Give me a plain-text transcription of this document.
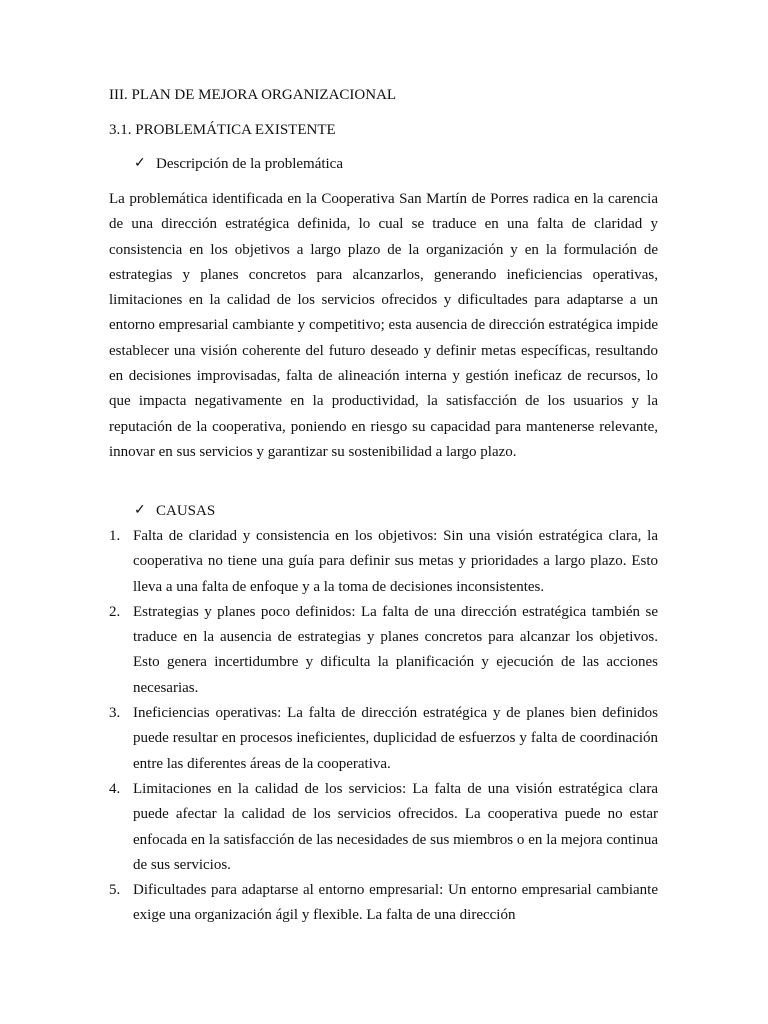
III. PLAN DE MEJORA ORGANIZACIONAL
3.1. PROBLEMÁTICA EXISTENTE

✓ Descripción de la problemática

La problemática identificada en la Cooperativa San Martín de Porres radica en la carencia de una dirección estratégica definida, lo cual se traduce en una falta de claridad y consistencia en los objetivos a largo plazo de la organización y en la formulación de estrategias y planes concretos para alcanzarlos, generando ineficiencias operativas, limitaciones en la calidad de los servicios ofrecidos y dificultades para adaptarse a un entorno empresarial cambiante y competitivo; esta ausencia de dirección estratégica impide establecer una visión coherente del futuro deseado y definir metas específicas, resultando en decisiones improvisadas, falta de alineación interna y gestión ineficaz de recursos, lo que impacta negativamente en la productividad, la satisfacción de los usuarios y la reputación de la cooperativa, poniendo en riesgo su capacidad para mantenerse relevante, innovar en sus servicios y garantizar su sostenibilidad a largo plazo.

✓ CAUSAS

1. Falta de claridad y consistencia en los objetivos: Sin una visión estratégica clara, la cooperativa no tiene una guía para definir sus metas y prioridades a largo plazo. Esto lleva a una falta de enfoque y a la toma de decisiones inconsistentes.
2. Estrategias y planes poco definidos: La falta de una dirección estratégica también se traduce en la ausencia de estrategias y planes concretos para alcanzar los objetivos. Esto genera incertidumbre y dificulta la planificación y ejecución de las acciones necesarias.
3. Ineficiencias operativas: La falta de dirección estratégica y de planes bien definidos puede resultar en procesos ineficientes, duplicidad de esfuerzos y falta de coordinación entre las diferentes áreas de la cooperativa.
4. Limitaciones en la calidad de los servicios: La falta de una visión estratégica clara puede afectar la calidad de los servicios ofrecidos. La cooperativa puede no estar enfocada en la satisfacción de las necesidades de sus miembros o en la mejora continua de sus servicios.
5. Dificultades para adaptarse al entorno empresarial: Un entorno empresarial cambiante exige una organización ágil y flexible. La falta de una dirección
